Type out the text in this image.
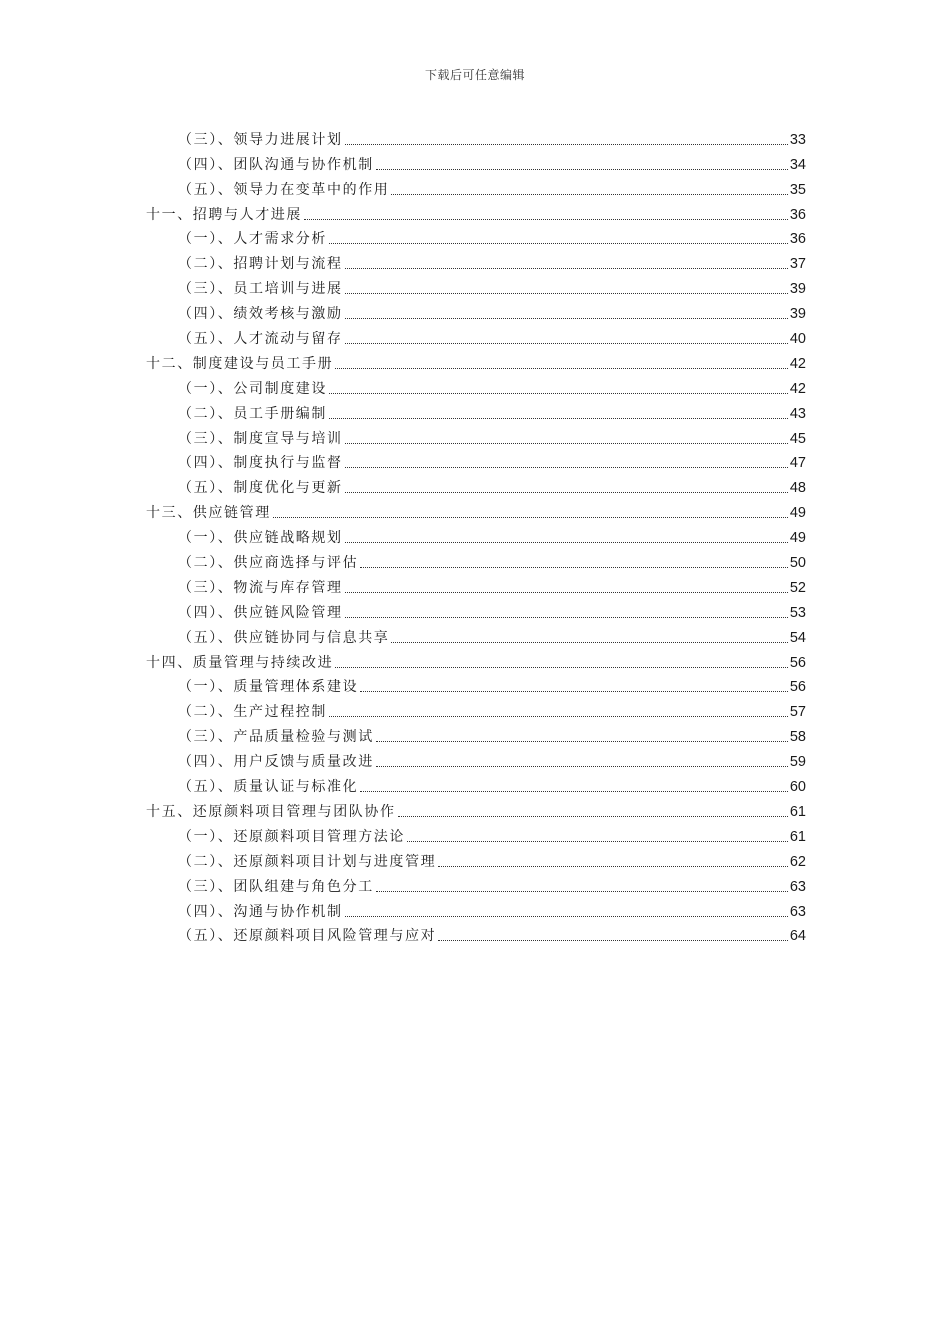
下载后可任意编辑
（三）、领导力进展计划	33
（四）、团队沟通与协作机制	34
（五）、领导力在变革中的作用	35
十一、招聘与人才进展	36
（一）、人才需求分析	36
（二）、招聘计划与流程	37
（三）、员工培训与进展	39
（四）、绩效考核与激励	39
（五）、人才流动与留存	40
十二、制度建设与员工手册	42
（一）、公司制度建设	42
（二）、员工手册编制	43
（三）、制度宣导与培训	45
（四）、制度执行与监督	47
（五）、制度优化与更新	48
十三、供应链管理	49
（一）、供应链战略规划	49
（二）、供应商选择与评估	50
（三）、物流与库存管理	52
（四）、供应链风险管理	53
（五）、供应链协同与信息共享	54
十四、质量管理与持续改进	56
（一）、质量管理体系建设	56
（二）、生产过程控制	57
（三）、产品质量检验与测试	58
（四）、用户反馈与质量改进	59
（五）、质量认证与标准化	60
十五、还原颜料项目管理与团队协作	61
（一）、还原颜料项目管理方法论	61
（二）、还原颜料项目计划与进度管理	62
（三）、团队组建与角色分工	63
（四）、沟通与协作机制	63
（五）、还原颜料项目风险管理与应对	64
